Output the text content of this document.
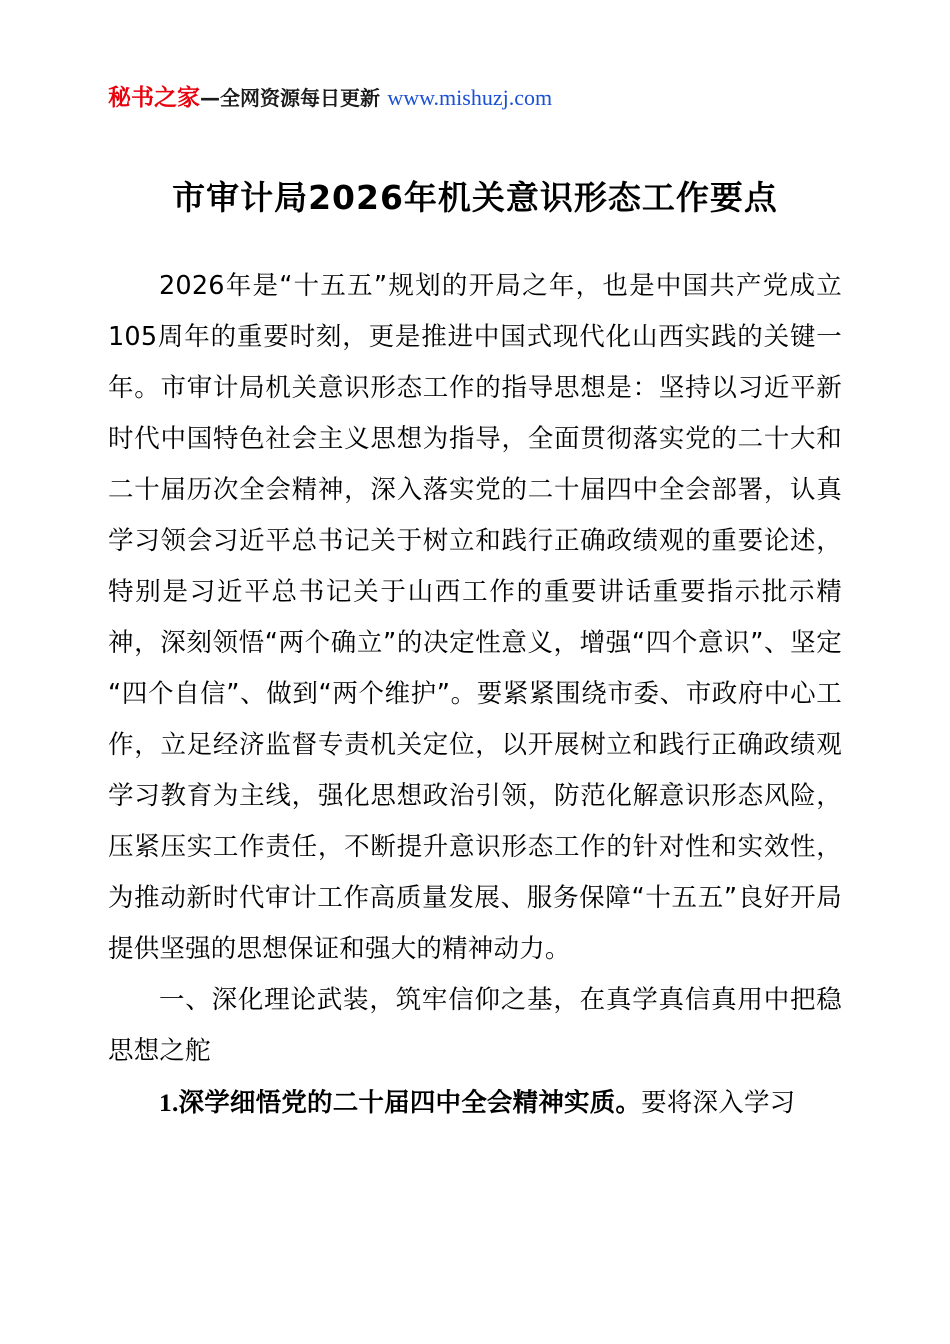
秘书之家—全网资源每日更新 www.mishuzj.com
市审计局2026年机关意识形态工作要点

2026年是“十五五”规划的开局之年，也是中国共产党成立105周年的重要时刻，更是推进中国式现代化山西实践的关键一年。市审计局机关意识形态工作的指导思想是：坚持以习近平新时代中国特色社会主义思想为指导，全面贯彻落实党的二十大和二十届历次全会精神，深入落实党的二十届四中全会部署，认真学习领会习近平总书记关于树立和践行正确政绩观的重要论述，特别是习近平总书记关于山西工作的重要讲话重要指示批示精神，深刻领悟“两个确立”的决定性意义，增强“四个意识”、坚定“四个自信”、做到“两个维护”。要紧紧围绕市委、市政府中心工作，立足经济监督专责机关定位，以开展树立和践行正确政绩观学习教育为主线，强化思想政治引领，防范化解意识形态风险，压紧压实工作责任，不断提升意识形态工作的针对性和实效性，为推动新时代审计工作高质量发展、服务保障“十五五”良好开局提供坚强的思想保证和强大的精神动力。

一、深化理论武装，筑牢信仰之基，在真学真信真用中把稳思想之舵

1.深学细悟党的二十届四中全会精神实质。要将深入学习
